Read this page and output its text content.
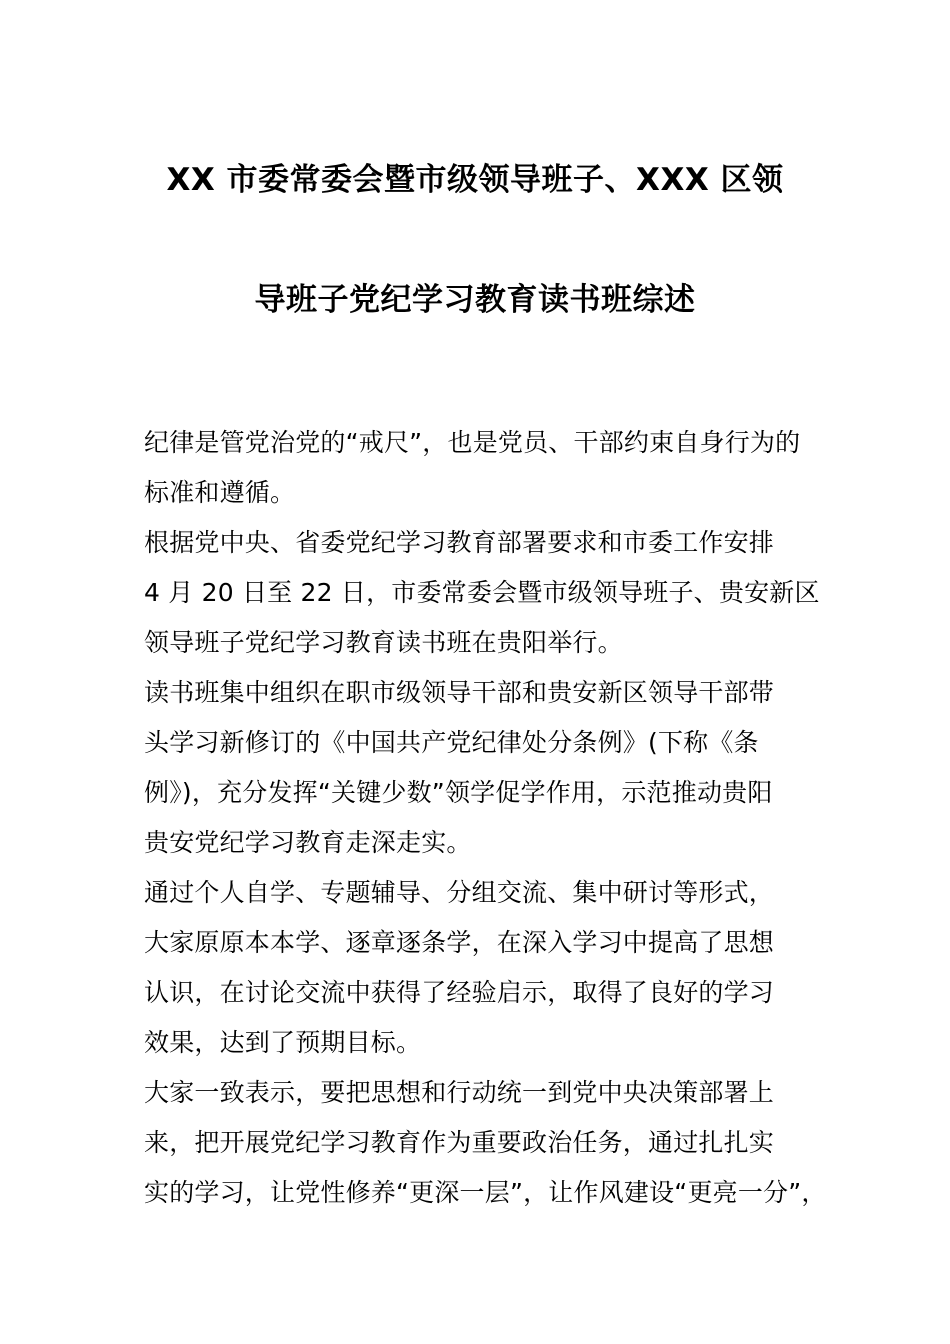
XX 市委常委会暨市级领导班子、XXX 区领
导班子党纪学习教育读书班综述
纪律是管党治党的“戒尺”，也是党员、干部约束自身行为的
标准和遵循。
根据党中央、省委党纪学习教育部署要求和市委工作安排
4 月 20 日至 22 日，市委常委会暨市级领导班子、贵安新区
领导班子党纪学习教育读书班在贵阳举行。
读书班集中组织在职市级领导干部和贵安新区领导干部带
头学习新修订的《中国共产党纪律处分条例》(下称《条
例》)，充分发挥“关键少数”领学促学作用，示范推动贵阳
贵安党纪学习教育走深走实。
通过个人自学、专题辅导、分组交流、集中研讨等形式，
大家原原本本学、逐章逐条学，在深入学习中提高了思想
认识，在讨论交流中获得了经验启示，取得了良好的学习
效果，达到了预期目标。
大家一致表示，要把思想和行动统一到党中央决策部署上
来，把开展党纪学习教育作为重要政治任务，通过扎扎实
实的学习，让党性修养“更深一层”，让作风建设“更亮一分”，
